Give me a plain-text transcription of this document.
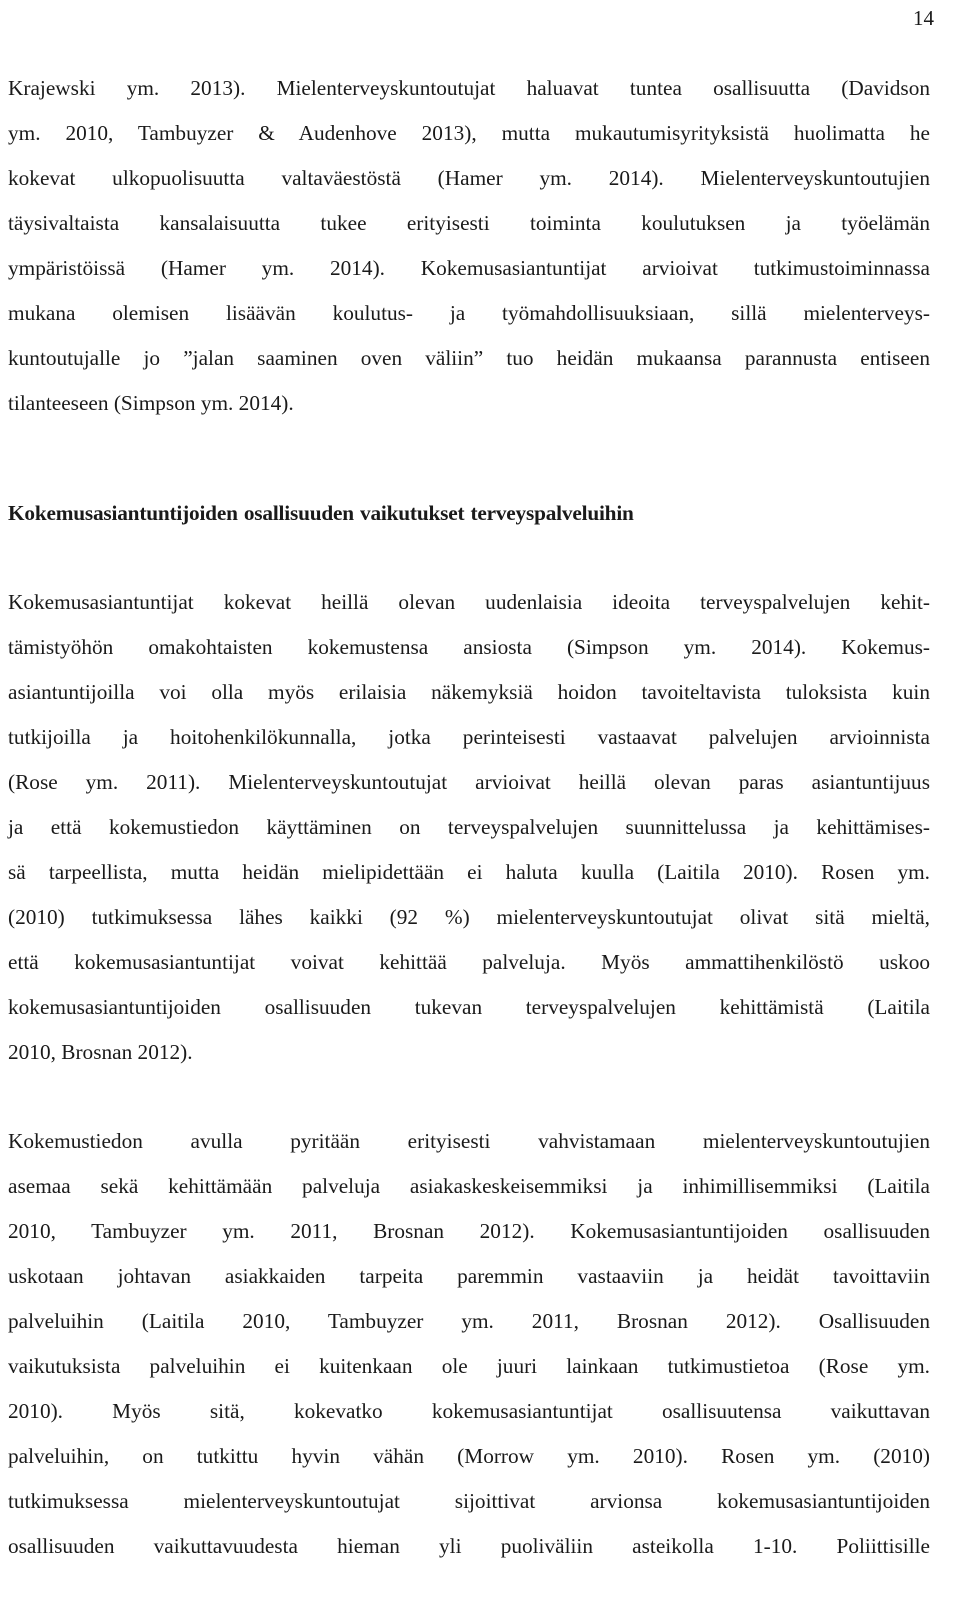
14

Krajewski ym. 2013). Mielenterveyskuntoutujat haluavat tuntea osallisuutta (Davidson
ym. 2010, Tambuyzer & Audenhove 2013), mutta mukautumisyrityksistä huolimatta he
kokevat ulkopuolisuutta valtaväestöstä (Hamer ym. 2014). Mielenterveyskuntoutujien
täysivaltaista kansalaisuutta tukee erityisesti toiminta koulutuksen ja työelämän
ympäristöissä (Hamer ym. 2014). Kokemusasiantuntijat arvioivat tutkimustoiminnassa
mukana olemisen lisäävän koulutus- ja työmahdollisuuksiaan, sillä mielenterveys-
kuntoutujalle jo ”jalan saaminen oven väliin” tuo heidän mukaansa parannusta entiseen
tilanteeseen (Simpson ym. 2014).

Kokemusasiantuntijoiden osallisuuden vaikutukset terveyspalveluihin

Kokemusasiantuntijat kokevat heillä olevan uudenlaisia ideoita terveyspalvelujen kehit-
tämistyöhön omakohtaisten kokemustensa ansiosta (Simpson ym. 2014). Kokemus-
asiantuntijoilla voi olla myös erilaisia näkemyksiä hoidon tavoiteltavista tuloksista kuin
tutkijoilla ja hoitohenkilökunnalla, jotka perinteisesti vastaavat palvelujen arvioinnista
(Rose ym. 2011). Mielenterveyskuntoutujat arvioivat heillä olevan paras asiantuntijuus
ja että kokemustiedon käyttäminen on terveyspalvelujen suunnittelussa ja kehittämises-
sä tarpeellista, mutta heidän mielipidettään ei haluta kuulla (Laitila 2010). Rosen ym.
(2010) tutkimuksessa lähes kaikki (92 %) mielenterveyskuntoutujat olivat sitä mieltä,
että kokemusasiantuntijat voivat kehittää palveluja. Myös ammattihenkilöstö uskoo
kokemusasiantuntijoiden osallisuuden tukevan terveyspalvelujen kehittämistä (Laitila
2010, Brosnan 2012).

Kokemustiedon avulla pyritään erityisesti vahvistamaan mielenterveyskuntoutujien
asemaa sekä kehittämään palveluja asiakaskeskeisemmiksi ja inhimillisemmiksi (Laitila
2010, Tambuyzer ym. 2011, Brosnan 2012). Kokemusasiantuntijoiden osallisuuden
uskotaan johtavan asiakkaiden tarpeita paremmin vastaaviin ja heidät tavoittaviin
palveluihin (Laitila 2010, Tambuyzer ym. 2011, Brosnan 2012). Osallisuuden
vaikutuksista palveluihin ei kuitenkaan ole juuri lainkaan tutkimustietoa (Rose ym.
2010). Myös sitä, kokevatko kokemusasiantuntijat osallisuutensa vaikuttavan
palveluihin, on tutkittu hyvin vähän (Morrow ym. 2010). Rosen ym. (2010)
tutkimuksessa mielenterveyskuntoutujat sijoittivat arvionsa kokemusasiantuntijoiden
osallisuuden vaikuttavuudesta hieman yli puoliväliin asteikolla 1-10. Poliittisille
